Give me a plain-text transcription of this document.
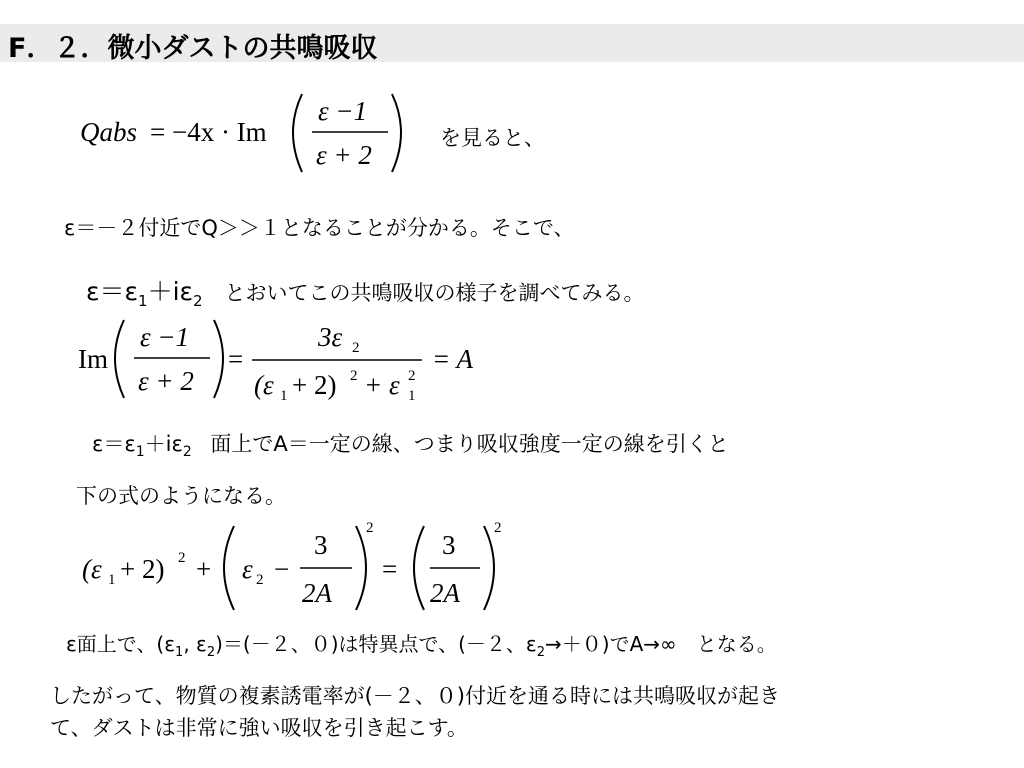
F．２．微小ダストの共鳴吸収
Qabs = −4x · Im
ε −1
ε + 2
を見ると、
ε＝－２付近でQ＞＞１となることが分かる。そこで、
$\varepsilon=\varepsilon_1+i\varepsilon_2$ とおいてこの共鳴吸収の様子を調べてみる。
Im
ε −1
ε + 2
=
3ε 2
(ε 1 + 2) 2 + ε 2
1
= A
$\varepsilon=\varepsilon_1+i\varepsilon_2$ 面上でA＝一定の線、つまり吸収強度一定の線を引くと
下の式のようになる。
(ε 1 + 2) 2 + ε 2 −
3
2A
2
=
3
2A
2
ε面上で、($\varepsilon_1$, $\varepsilon_2)=(-2$、０)は特異点で、(－２、$\varepsilon_2\to+0$)でA→∞　となる。
したがって、物質の複素誘電率が(－２、０)付近を通る時には共鳴吸収が起き
て、ダストは非常に強い吸収を引き起こす。
